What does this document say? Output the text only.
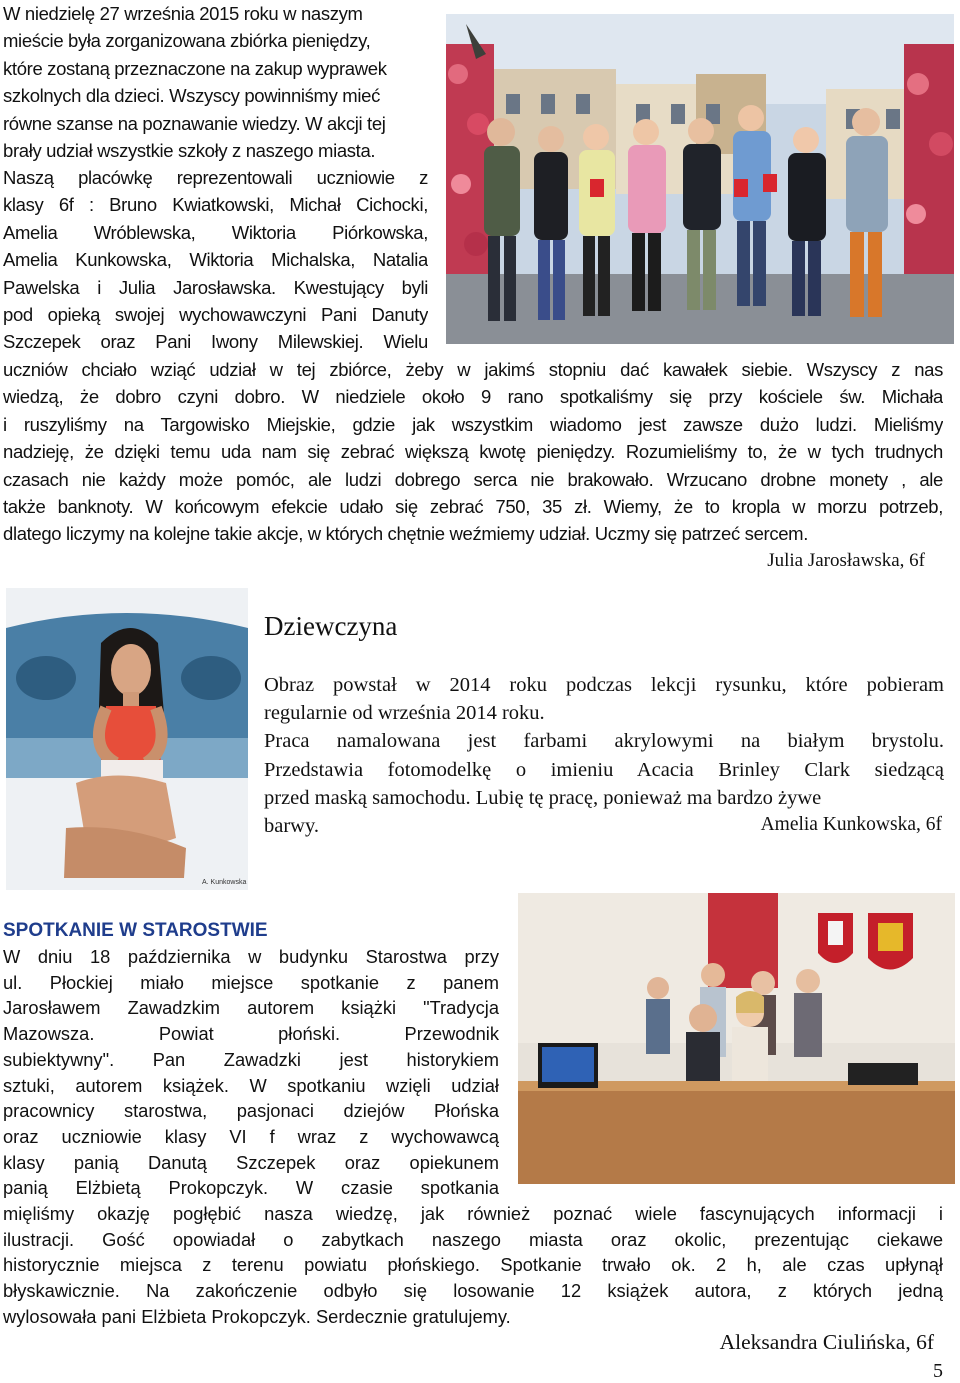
W niedzielę 27 września 2015 roku w naszym
mieście była zorganizowana zbiórka pieniędzy,
które zostaną przeznaczone na zakup wyprawek
szkolnych dla dzieci. Wszyscy powinniśmy mieć
równe szanse na poznawanie wiedzy. W akcji tej
brały udział wszystkie szkoły z naszego miasta.
Naszą placówkę reprezentowali uczniowie z
klasy 6f : Bruno Kwiatkowski, Michał Cichocki,
Amelia Wróblewska, Wiktoria Piórkowska,
Amelia Kunkowska, Wiktoria Michalska, Natalia
Pawelska i Julia Jarosławska. Kwestujący byli
pod opieką swojej wychowawczyni Pani Danuty
Szczepek oraz Pani Iwony Milewskiej. Wielu
uczniów chciało wziąć udział w tej zbiórce, żeby w jakimś stopniu dać kawałek siebie. Wszyscy z nas
wiedzą, że dobro czyni dobro. W niedziele około 9 rano spotkaliśmy się przy kościele św. Michała
i ruszyliśmy na Targowisko Miejskie, gdzie jak wszystkim wiadomo jest zawsze dużo ludzi. Mieliśmy
nadzieję, że dzięki temu uda nam się zebrać większą kwotę pieniędzy. Rozumieliśmy to, że w tych trudnych
czasach nie każdy może pomóc, ale ludzi dobrego serca nie brakowało. Wrzucano drobne monety , ale
także banknoty. W końcowym efekcie udało się zebrać 750, 35 zł. Wiemy, że to kropla w morzu potrzeb,
dlatego liczymy na kolejne takie akcje, w których chętnie weźmiemy udział. Uczmy się patrzeć sercem.
Julia Jarosławska, 6f
A. Kunkowska
Dziewczyna
Obraz powstał w 2014 roku podczas lekcji rysunku, które pobieram
regularnie od września 2014 roku.
Praca namalowana jest farbami akrylowymi na białym brystolu.
Przedstawia fotomodelkę o imieniu Acacia Brinley Clark siedzącą
przed maską samochodu. Lubię tę pracę, ponieważ ma bardzo żywe
barwy.	Amelia Kunkowska, 6f
SPOTKANIE W STAROSTWIE
W dniu 18 października w budynku Starostwa przy
ul. Płockiej miało miejsce spotkanie z panem
Jarosławem Zawadzkim autorem książki "Tradycja
Mazowsza. Powiat płoński. Przewodnik
subiektywny". Pan Zawadzki jest historykiem
sztuki, autorem książek. W spotkaniu wzięli udział
pracownicy starostwa, pasjonaci dziejów Płońska
oraz uczniowie klasy VI f wraz z wychowawcą
klasy panią Danutą Szczepek oraz opiekunem
panią Elżbietą Prokopczyk. W czasie spotkania
mięliśmy okazję pogłębić nasza wiedzę, jak również poznać wiele fascynujących informacji i
ilustracji. Gość opowiadał o zabytkach naszego miasta oraz okolic, prezentując ciekawe
historycznie miejsca z terenu powiatu płońskiego. Spotkanie trwało ok. 2 h, ale czas upłynął
błyskawicznie. Na zakończenie odbyło się losowanie 12 książek autora, z których jedną
wylosowała pani Elżbieta Prokopczyk. Serdecznie gratulujemy.
Aleksandra Ciulińska, 6f
5
